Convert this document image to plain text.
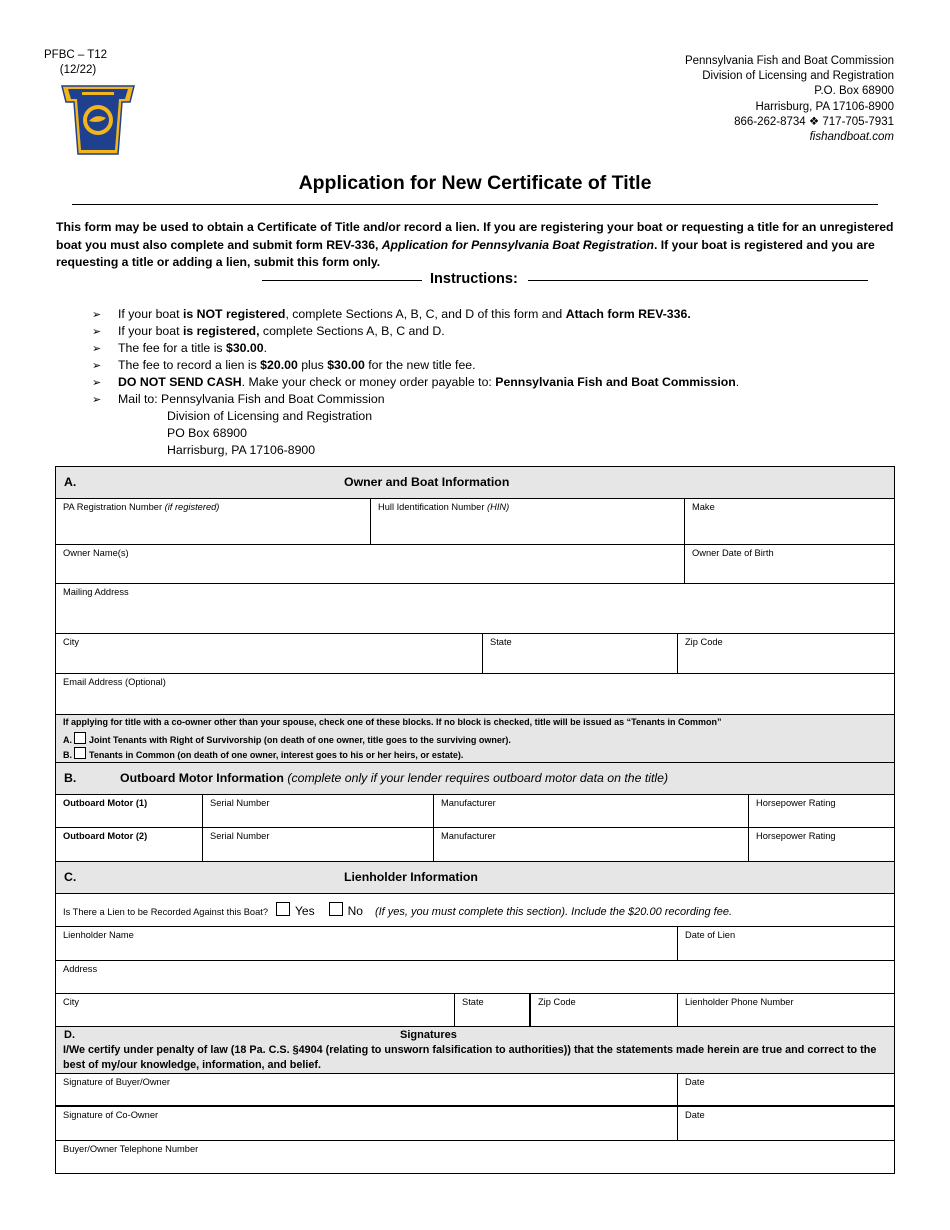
PFBC – T12
(12/22)
Pennsylvania Fish and Boat Commission
Division of Licensing and Registration
P.O. Box 68900
Harrisburg, PA 17106-8900
866-262-8734 ❖ 717-705-7931
fishandboat.com
Application for New Certificate of Title
This form may be used to obtain a Certificate of Title and/or record a lien. If you are registering your boat or requesting a title for an unregistered boat you must also complete and submit form REV-336, Application for Pennsylvania Boat Registration. If your boat is registered and you are requesting a title or adding a lien, submit this form only.
Instructions:
➢ If your boat is NOT registered, complete Sections A, B, C, and D of this form and Attach form REV-336.
➢ If your boat is registered, complete Sections A, B, C and D.
➢ The fee for a title is $30.00.
➢ The fee to record a lien is $20.00 plus $30.00 for the new title fee.
➢ DO NOT SEND CASH. Make your check or money order payable to: Pennsylvania Fish and Boat Commission.
➢ Mail to: Pennsylvania Fish and Boat Commission
Division of Licensing and Registration
PO Box 68900
Harrisburg, PA 17106-8900
A.	Owner and Boat Information
PA Registration Number (if registered)	Hull Identification Number (HIN)	Make
Owner Name(s)	Owner Date of Birth
Mailing Address
City	State	Zip Code
Email Address (Optional)
If applying for title with a co-owner other than your spouse, check one of these blocks. If no block is checked, title will be issued as “Tenants in Common”
A. Joint Tenants with Right of Survivorship (on death of one owner, title goes to the surviving owner).
B. Tenants in Common (on death of one owner, interest goes to his or her heirs, or estate).
B.	Outboard Motor Information (complete only if your lender requires outboard motor data on the title)
Outboard Motor (1)	Serial Number	Manufacturer	Horsepower Rating
Outboard Motor (2)	Serial Number	Manufacturer	Horsepower Rating
C.	Lienholder Information
Is There a Lien to be Recorded Against this Boat? Yes	No (If yes, you must complete this section). Include the $20.00 recording fee.
Lienholder Name	Date of Lien
Address
City	State	Zip Code	Lienholder Phone Number
D.	Signatures
I/We certify under penalty of law (18 Pa. C.S. §4904 (relating to unsworn falsification to authorities)) that the statements made herein are true and correct to the best of my/our knowledge, information, and belief.
Signature of Buyer/Owner	Date
Signature of Co-Owner	Date
Buyer/Owner Telephone Number
